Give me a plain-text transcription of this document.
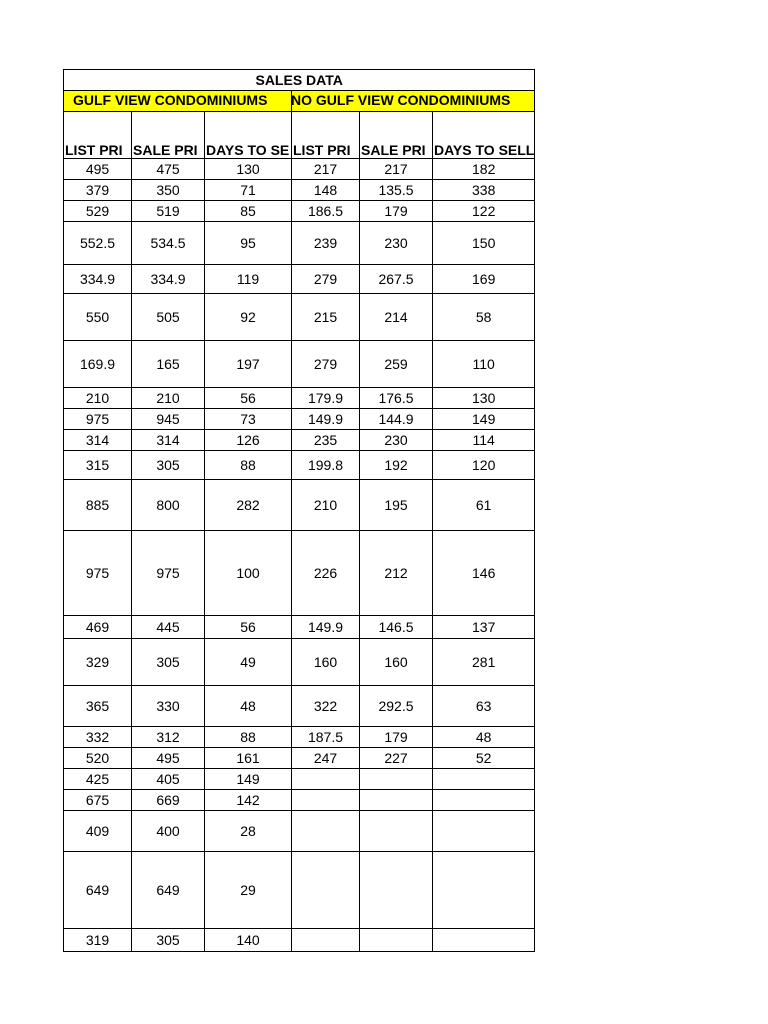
SALES DATA					

GULF VIEW CONDOMINIUMS			NO GULF VIEW CONDOMINIUMS		

LIST PRI	SALE PRI	DAYS TO SE	LIST PRI	SALE PRI	DAYS TO SELL
495	475	130	217	217	182
379	350	71	148	135.5	338
529	519	85	186.5	179	122
552.5	534.5	95	239	230	150
334.9	334.9	119	279	267.5	169
550	505	92	215	214	58
169.9	165	197	279	259	110
210	210	56	179.9	176.5	130
975	945	73	149.9	144.9	149
314	314	126	235	230	114
315	305	88	199.8	192	120
885	800	282	210	195	61
975	975	100	226	212	146
469	445	56	149.9	146.5	137
329	305	49	160	160	281
365	330	48	322	292.5	63
332	312	88	187.5	179	48
520	495	161	247	227	52
425	405	149			
675	669	142			
409	400	28			
649	649	29			
319	305	140			
